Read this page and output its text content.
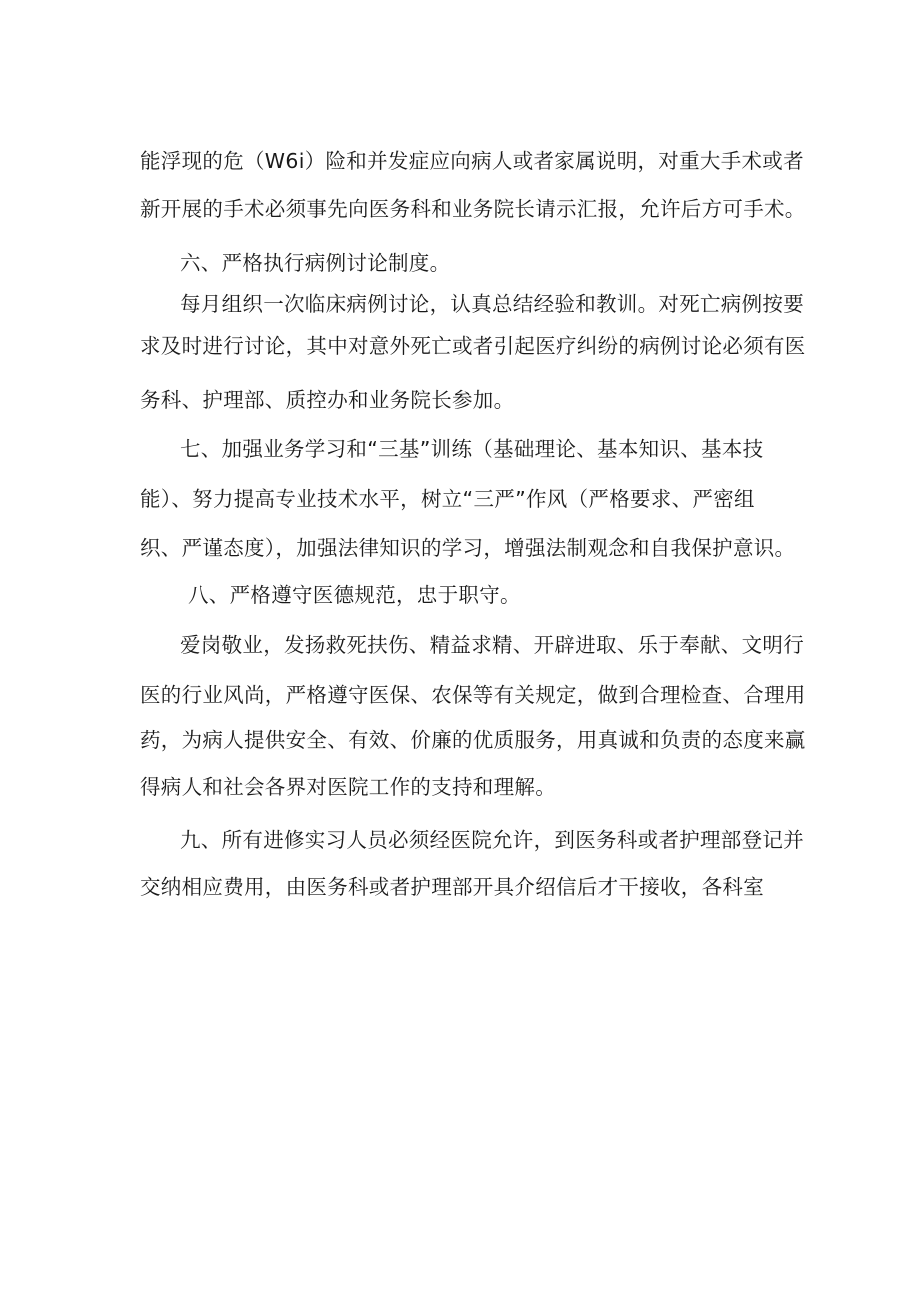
能浮现的危（W6i）险和并发症应向病人或者家属说明，对重大手术或者
新开展的手术必须事先向医务科和业务院长请示汇报，允许后方可手术。
六、严格执行病例讨论制度。
每月组织一次临床病例讨论，认真总结经验和教训。对死亡病例按要
求及时进行讨论，其中对意外死亡或者引起医疗纠纷的病例讨论必须有医
务科、护理部、质控办和业务院长参加。
七、加强业务学习和“三基”训练（基础理论、基本知识、基本技
能）、努力提高专业技术水平，树立“三严”作风（严格要求、严密组
织、严谨态度），加强法律知识的学习，增强法制观念和自我保护意识。
八、严格遵守医德规范，忠于职守。
爱岗敬业，发扬救死扶伤、精益求精、开辟进取、乐于奉献、文明行
医的行业风尚，严格遵守医保、农保等有关规定，做到合理检查、合理用
药，为病人提供安全、有效、价廉的优质服务，用真诚和负责的态度来赢
得病人和社会各界对医院工作的支持和理解。
九、所有进修实习人员必须经医院允许，到医务科或者护理部登记并
交纳相应费用，由医务科或者护理部开具介绍信后才干接收，各科室
